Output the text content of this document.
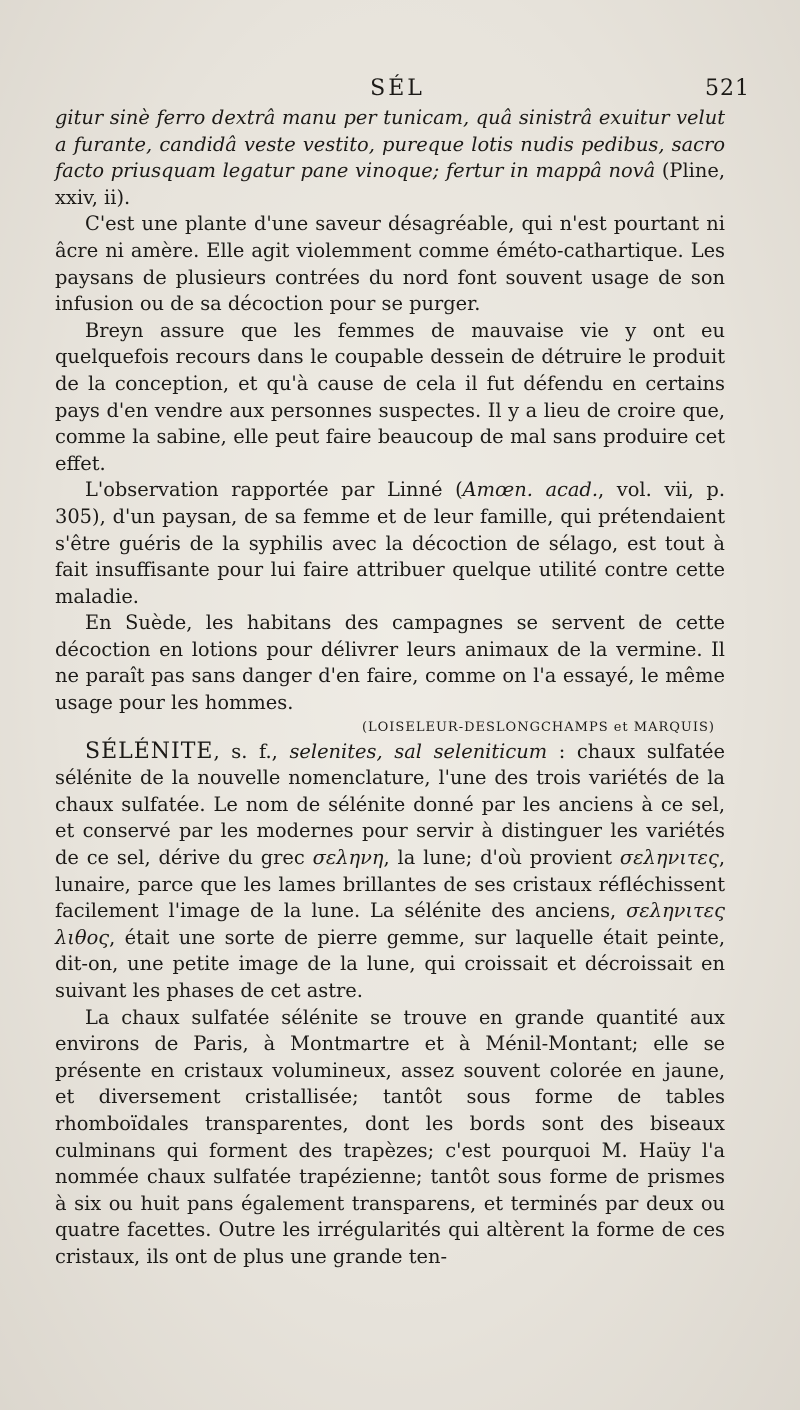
SÉL	521

gitur sinè ferro dextrâ manu per tunicam, quâ sinistrâ exuitur velut a furante, candidâ veste vestito, pureque lotis nudis pedibus, sacro facto priusquam legatur pane vinoque; fertur in mappâ novâ (Pline, xxiv, ii).

C'est une plante d'une saveur désagréable, qui n'est pourtant ni âcre ni amère. Elle agit violemment comme éméto-cathartique. Les paysans de plusieurs contrées du nord font souvent usage de son infusion ou de sa décoction pour se purger.

Breyn assure que les femmes de mauvaise vie y ont eu quelquefois recours dans le coupable dessein de détruire le produit de la conception, et qu'à cause de cela il fut défendu en certains pays d'en vendre aux personnes suspectes. Il y a lieu de croire que, comme la sabine, elle peut faire beaucoup de mal sans produire cet effet.

L'observation rapportée par Linné (Amœn. acad., vol. vii, p. 305), d'un paysan, de sa femme et de leur famille, qui prétendaient s'être guéris de la syphilis avec la décoction de sélago, est tout à fait insuffisante pour lui faire attribuer quelque utilité contre cette maladie.

En Suède, les habitans des campagnes se servent de cette décoction en lotions pour délivrer leurs animaux de la vermine. Il ne paraît pas sans danger d'en faire, comme on l'a essayé, le même usage pour les hommes.

(LOISELEUR-DESLONGCHAMPS et MARQUIS)

SÉLÉNITE, s. f., selenites, sal seleniticum : chaux sulfatée sélénite de la nouvelle nomenclature, l'une des trois variétés de la chaux sulfatée. Le nom de sélénite donné par les anciens à ce sel, et conservé par les modernes pour servir à distinguer les variétés de ce sel, dérive du grec σεληνη, la lune; d'où provient σεληνιτες, lunaire, parce que les lames brillantes de ses cristaux réfléchissent facilement l'image de la lune. La sélénite des anciens, σεληνιτες λιθος, était une sorte de pierre gemme, sur laquelle était peinte, dit-on, une petite image de la lune, qui croissait et décroissait en suivant les phases de cet astre.

La chaux sulfatée sélénite se trouve en grande quantité aux environs de Paris, à Montmartre et à Ménil-Montant; elle se présente en cristaux volumineux, assez souvent colorée en jaune, et diversement cristallisée; tantôt sous forme de tables rhomboïdales transparentes, dont les bords sont des biseaux culminans qui forment des trapèzes; c'est pourquoi M. Haüy l'a nommée chaux sulfatée trapézienne; tantôt sous forme de prismes à six ou huit pans également transparens, et terminés par deux ou quatre facettes. Outre les irrégularités qui altèrent la forme de ces cristaux, ils ont de plus une grande ten-
